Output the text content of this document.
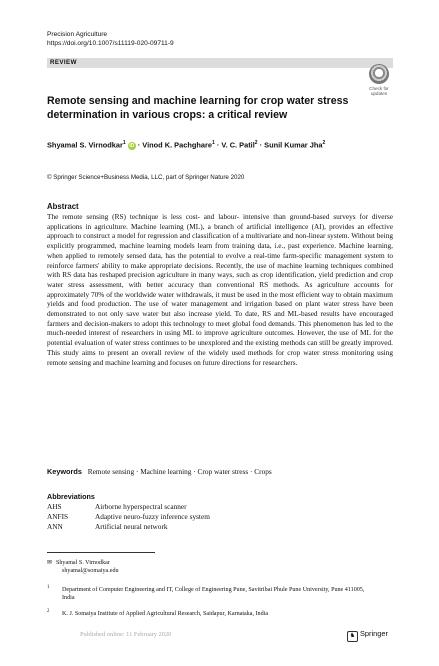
Precision Agriculture
https://doi.org/10.1007/s11119-020-09711-9
REVIEW
Check for
updates
Remote sensing and machine learning for crop water stress determination in various crops: a critical review
Shyamal S. Virnodkar$^1$ iD · Vinod K. Pachghare$^1$ · V. C. Patil$^2$ · Sunil Kumar Jha$^2$
© Springer Science+Business Media, LLC, part of Springer Nature 2020
Abstract
The remote sensing (RS) technique is less cost- and labour- intensive than ground-based surveys for diverse applications in agriculture. Machine learning (ML), a branch of artificial intelligence (AI), provides an effective approach to construct a model for regression and classification of a multivariate and non-linear system. Without being explicitly programmed, machine learning models learn from training data, i.e., past experience. Machine learning, when applied to remotely sensed data, has the potential to evolve a real-time farm-specific management system to reinforce farmers' ability to make appropriate decisions. Recently, the use of machine learning techniques combined with RS data has reshaped precision agriculture in many ways, such as crop identification, yield prediction and crop water stress assessment, with better accuracy than conventional RS methods. As agriculture accounts for approximately 70% of the worldwide water withdrawals, it must be used in the most efficient way to obtain maximum yields and food production. The use of water management and irrigation based on plant water stress have been demonstrated to not only save water but also increase yield. To date, RS and ML-based results have encouraged farmers and decision-makers to adopt this technology to meet global food demands. This phenomenon has led to the much-needed interest of researchers in using ML to improve agriculture outcomes. However, the use of ML for the potential evaluation of water stress continues to be unexplored and the existing methods can still be greatly improved. This study aims to present an overall review of the widely used methods for crop water stress monitoring using remote sensing and machine learning and focuses on future directions for researchers.
Keywords Remote sensing · Machine learning · Crop water stress · Crops
Abbreviations
AHS	Airborne hyperspectral scanner
ANFIS	Adaptive neuro-fuzzy inference system
ANN	Artificial neural network
✉ Shyamal S. Virnodkar
shyamal@somaiya.edu
1	Department of Computer Engineering and IT, College of Engineering Pune, Savitribai Phule Pune University, Pune 411005, India
2	K. J. Somaiya Institute of Applied Agricultural Research, Saidapur, Karnataka, India
Published online: 11 February 2020	♞ Springer
